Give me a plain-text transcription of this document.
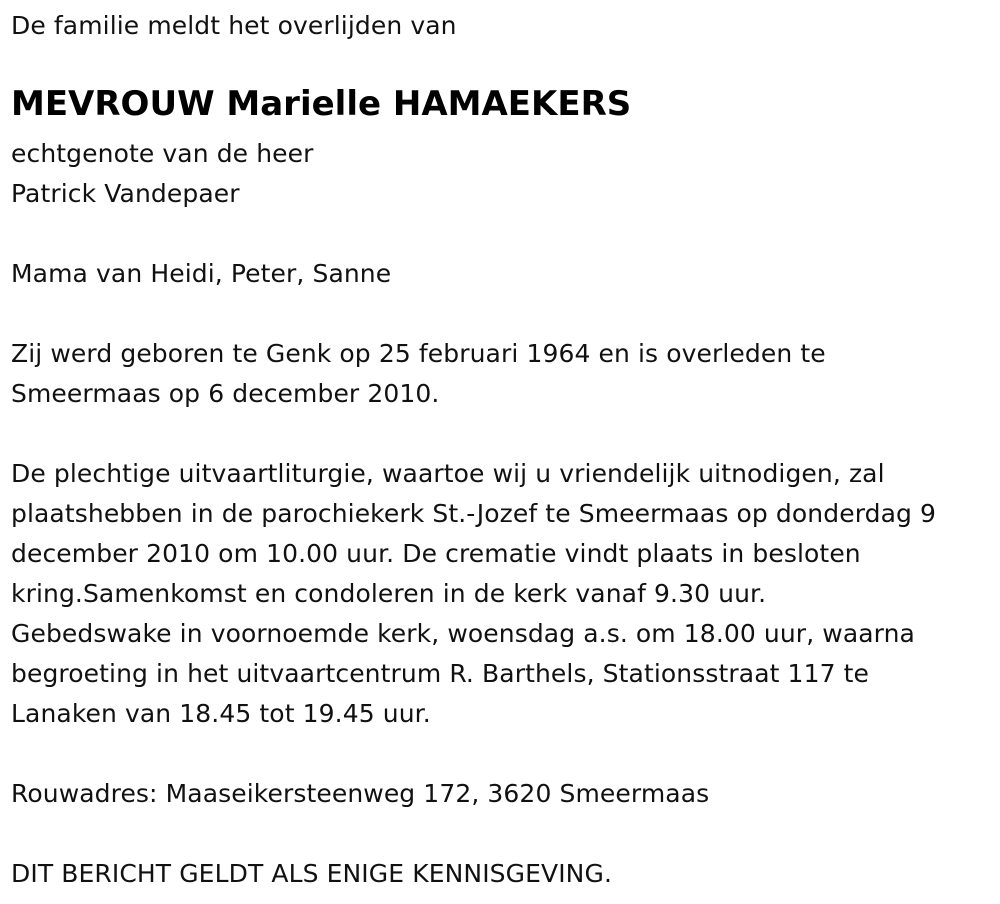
De familie meldt het overlijden van
MEVROUW Marielle HAMAEKERS
echtgenote van de heer
Patrick Vandepaer
Mama van Heidi, Peter, Sanne
Zij werd geboren te Genk op 25 februari 1964 en is overleden te
Smeermaas op 6 december 2010.
De plechtige uitvaartliturgie, waartoe wij u vriendelijk uitnodigen, zal
plaatshebben in de parochiekerk St.-Jozef te Smeermaas op donderdag 9
december 2010 om 10.00 uur. De crematie vindt plaats in besloten
kring.Samenkomst en condoleren in de kerk vanaf 9.30 uur.
Gebedswake in voornoemde kerk, woensdag a.s. om 18.00 uur, waarna
begroeting in het uitvaartcentrum R. Barthels, Stationsstraat 117 te
Lanaken van 18.45 tot 19.45 uur.
Rouwadres: Maaseikersteenweg 172, 3620 Smeermaas
DIT BERICHT GELDT ALS ENIGE KENNISGEVING.
